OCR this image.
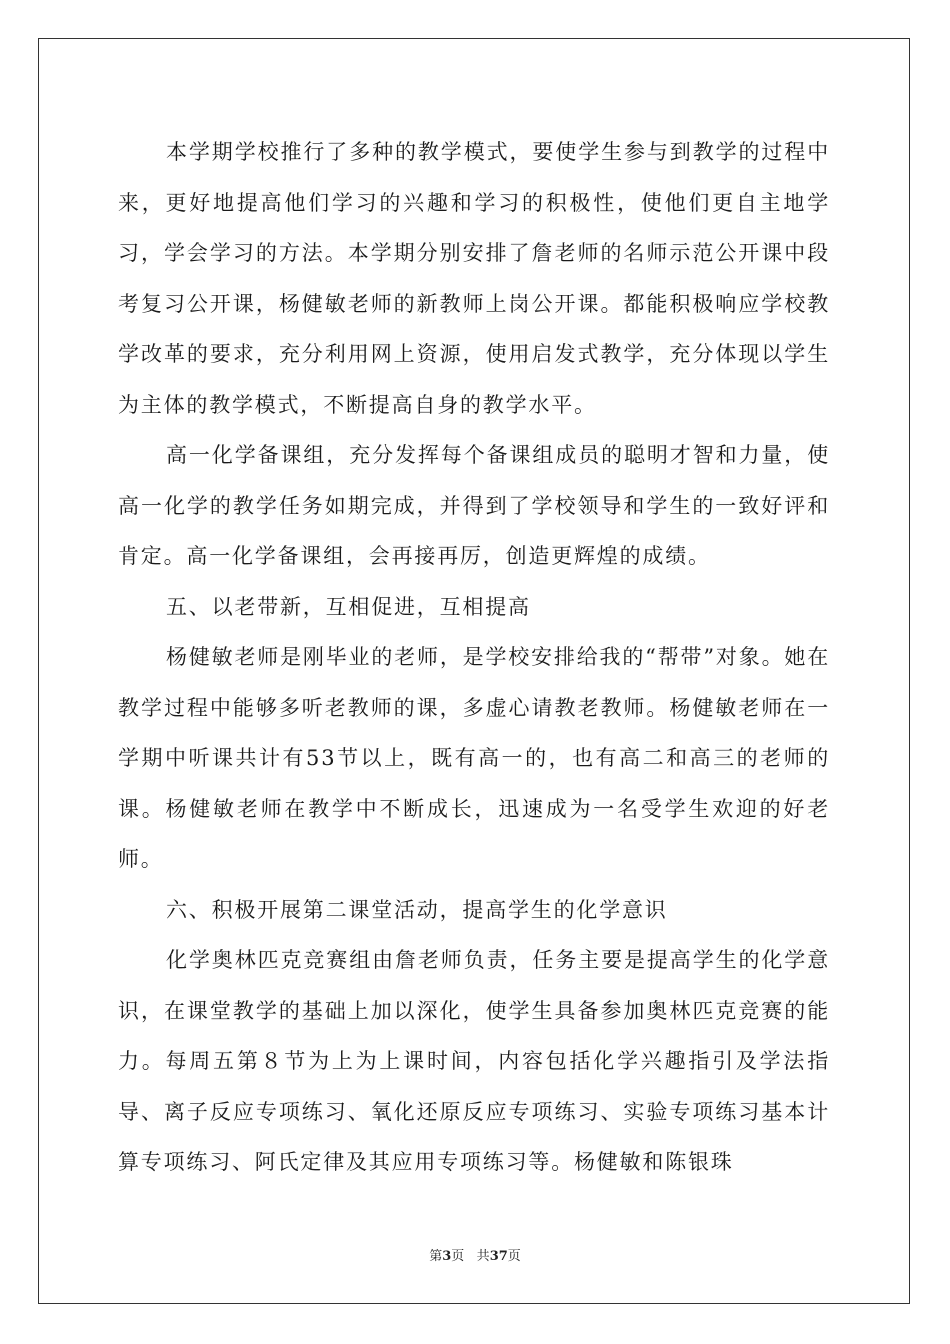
本学期学校推行了多种的教学模式，要使学生参与到教学的过程中来，更好地提高他们学习的兴趣和学习的积极性，使他们更自主地学习，学会学习的方法。本学期分别安排了詹老师的名师示范公开课中段考复习公开课，杨健敏老师的新教师上岗公开课。都能积极响应学校教学改革的要求，充分利用网上资源，使用启发式教学，充分体现以学生为主体的教学模式，不断提高自身的教学水平。

高一化学备课组，充分发挥每个备课组成员的聪明才智和力量，使高一化学的教学任务如期完成，并得到了学校领导和学生的一致好评和肯定。高一化学备课组，会再接再厉，创造更辉煌的成绩。

五、以老带新，互相促进，互相提高

杨健敏老师是刚毕业的老师，是学校安排给我的“帮带”对象。她在教学过程中能够多听老教师的课，多虚心请教老教师。杨健敏老师在一学期中听课共计有53节以上，既有高一的，也有高二和高三的老师的课。杨健敏老师在教学中不断成长，迅速成为一名受学生欢迎的好老师。

六、积极开展第二课堂活动，提高学生的化学意识

化学奥林匹克竞赛组由詹老师负责，任务主要是提高学生的化学意识，在课堂教学的基础上加以深化，使学生具备参加奥林匹克竞赛的能力。每周五第８节为上为上课时间，内容包括化学兴趣指引及学法指导、离子反应专项练习、氧化还原反应专项练习、实验专项练习基本计算专项练习、阿氏定律及其应用专项练习等。杨健敏和陈银珠

第3页 共37页
